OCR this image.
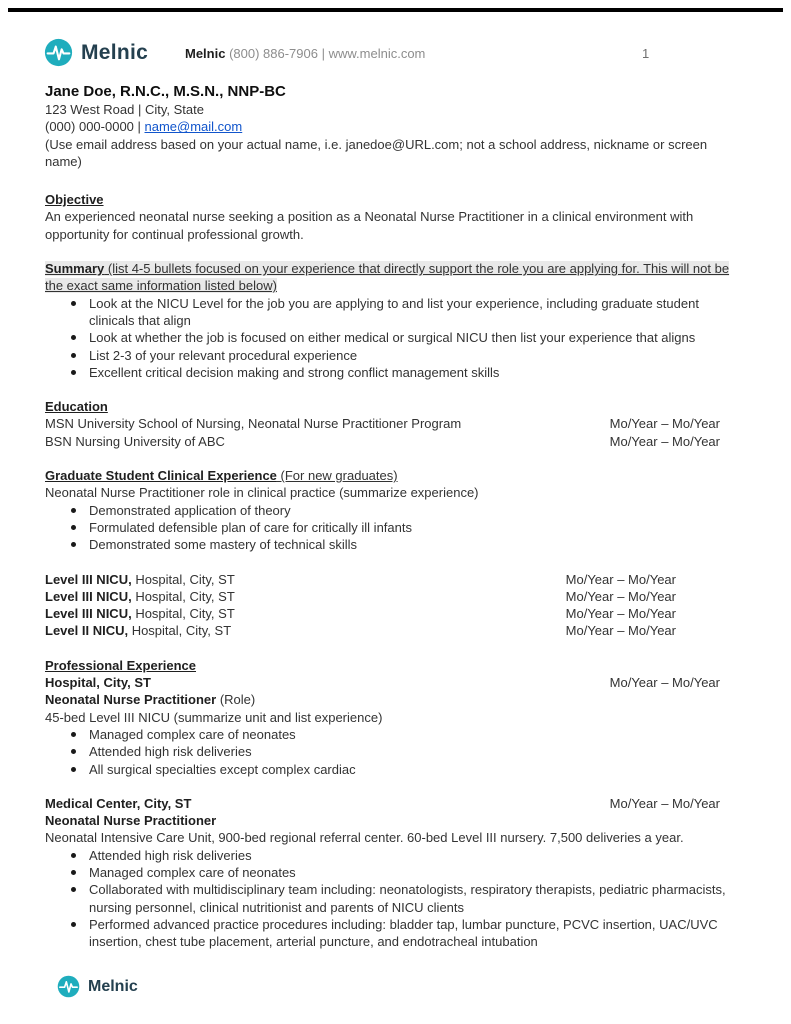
Melnic	Melnic (800) 886-7906 | www.melnic.com	1
Jane Doe, R.N.C., M.S.N., NNP-BC
123 West Road | City, State
(000) 000-0000 | name@mail.com
(Use email address based on your actual name, i.e. janedoe@URL.com; not a school address, nickname or screen name)
Objective
An experienced neonatal nurse seeking a position as a Neonatal Nurse Practitioner in a clinical environment with opportunity for continual professional growth.
Summary (list 4-5 bullets focused on your experience that directly support the role you are applying for. This will not be the exact same information listed below)
Look at the NICU Level for the job you are applying to and list your experience, including graduate student clinicals that align
Look at whether the job is focused on either medical or surgical NICU then list your experience that aligns
List 2-3 of your relevant procedural experience
Excellent critical decision making and strong conflict management skills
Education
MSN University School of Nursing, Neonatal Nurse Practitioner Program	Mo/Year – Mo/Year
BSN Nursing University of ABC	Mo/Year – Mo/Year
Graduate Student Clinical Experience (For new graduates)
Neonatal Nurse Practitioner role in clinical practice (summarize experience)
Demonstrated application of theory
Formulated defensible plan of care for critically ill infants
Demonstrated some mastery of technical skills
Level III NICU, Hospital, City, ST	Mo/Year – Mo/Year
Level III NICU, Hospital, City, ST	Mo/Year – Mo/Year
Level III NICU, Hospital, City, ST	Mo/Year – Mo/Year
Level II NICU, Hospital, City, ST	Mo/Year – Mo/Year
Professional Experience
Hospital, City, ST	Mo/Year – Mo/Year
Neonatal Nurse Practitioner (Role)
45-bed Level III NICU (summarize unit and list experience)
Managed complex care of neonates
Attended high risk deliveries
All surgical specialties except complex cardiac
Medical Center, City, ST	Mo/Year – Mo/Year
Neonatal Nurse Practitioner
Neonatal Intensive Care Unit, 900-bed regional referral center. 60-bed Level III nursery. 7,500 deliveries a year.
Attended high risk deliveries
Managed complex care of neonates
Collaborated with multidisciplinary team including: neonatologists, respiratory therapists, pediatric pharmacists, nursing personnel, clinical nutritionist and parents of NICU clients
Performed advanced practice procedures including: bladder tap, lumbar puncture, PCVC insertion, UAC/UVC insertion, chest tube placement, arterial puncture, and endotracheal intubation
Melnic
